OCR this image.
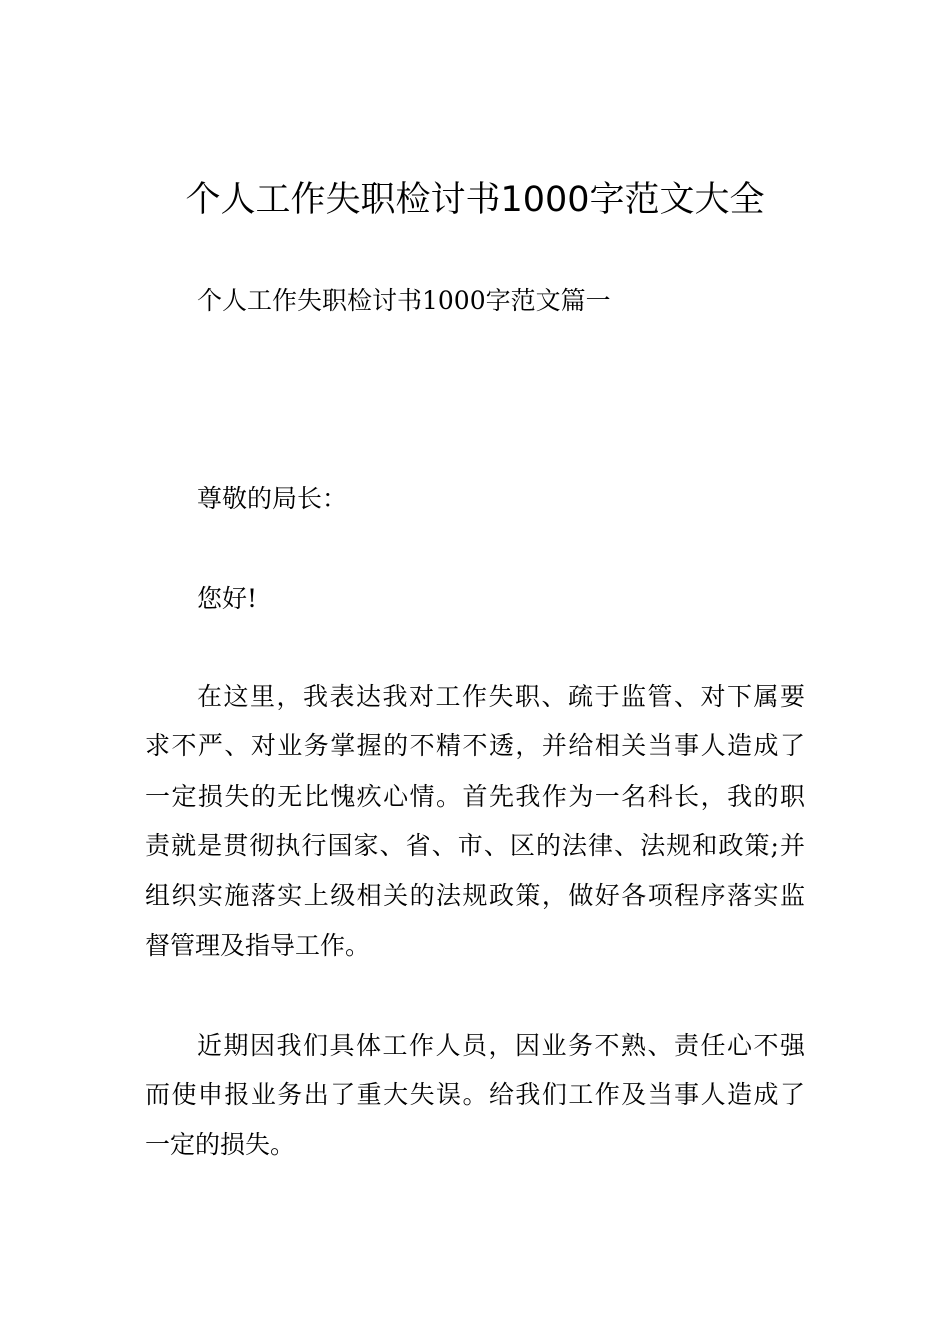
个人工作失职检讨书1000字范文大全
个人工作失职检讨书1000字范文篇一
尊敬的局长：
您好!
在这里，我表达我对工作失职、疏于监管、对下属要
求不严、对业务掌握的不精不透，并给相关当事人造成了
一定损失的无比愧疚心情。首先我作为一名科长，我的职
责就是贯彻执行国家、省、市、区的法律、法规和政策;并
组织实施落实上级相关的法规政策，做好各项程序落实监
督管理及指导工作。
近期因我们具体工作人员，因业务不熟、责任心不强
而使申报业务出了重大失误。给我们工作及当事人造成了
一定的损失。
